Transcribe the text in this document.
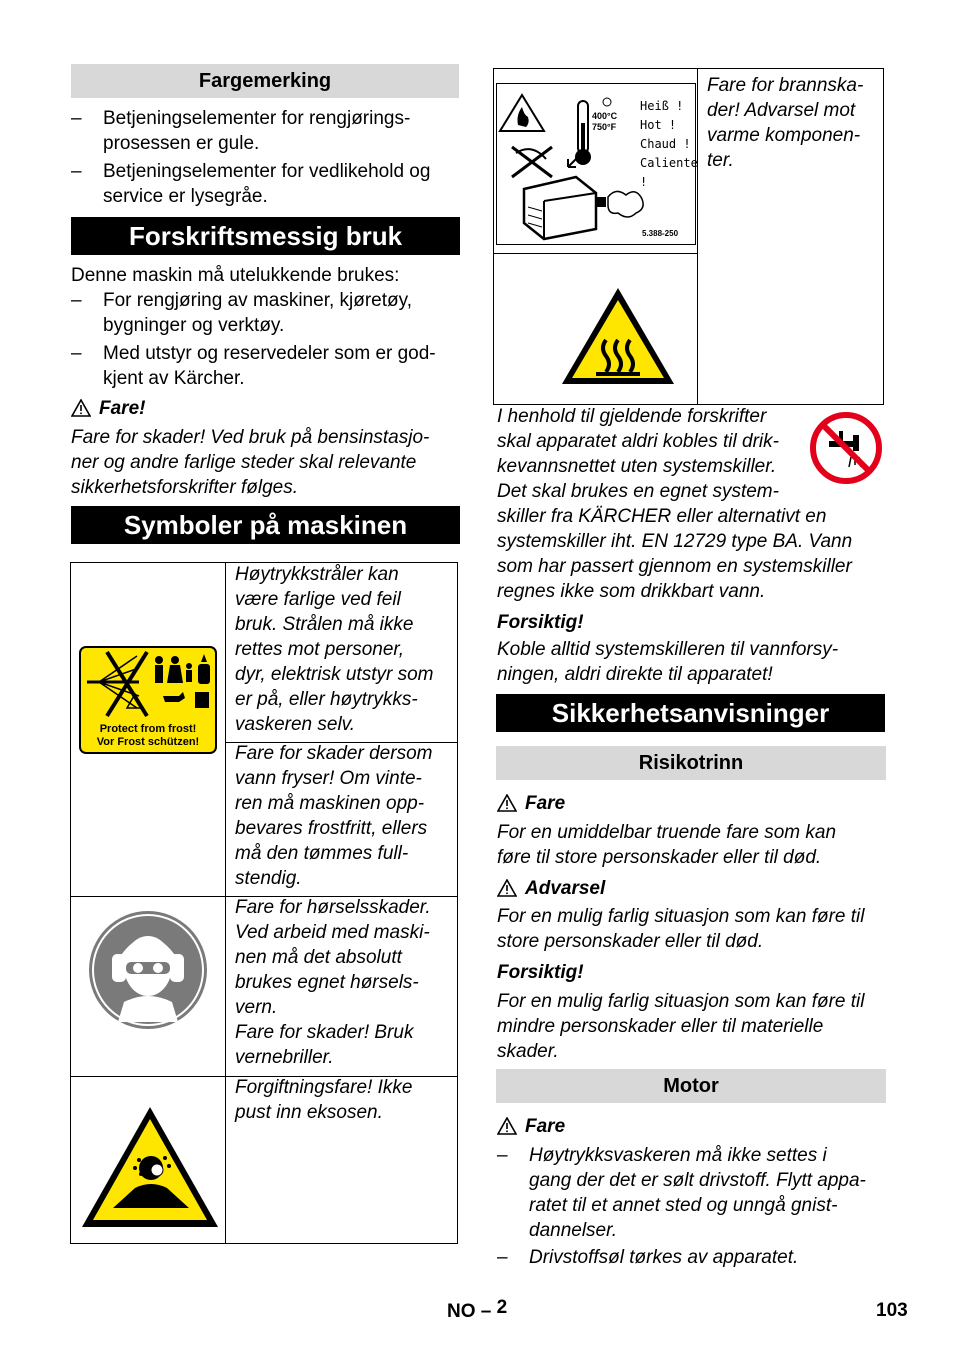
Fargemerking
– Betjeningselementer for rengjørings-
prosessen er gule.
– Betjeningselementer for vedlikehold og
service er lysegråe.
Forskriftsmessig bruk
Denne maskin må utelukkende brukes:
– For rengjøring av maskiner, kjøretøy,
bygninger og verktøy.
– Med utstyr og reservedeler som er god-
kjent av Kärcher.
Fare!
Fare for skader! Ved bruk på bensinstasjo-
ner og andre farlige steder skal relevante
sikkerhetsforskrifter følges.
Symboler på maskinen
Protect from frost!
Vor Frost schützen!
Høytrykkstråler kan
være farlige ved feil
bruk. Strålen må ikke
rettes mot personer,
dyr, elektrisk utstyr som
er på, eller høytrykks-
vaskeren selv.
Fare for skader dersom
vann fryser! Om vinte-
ren må maskinen opp-
bevares frostfritt, ellers
må den tømmes full-
stendig.
Fare for hørselsskader.
Ved arbeid med maski-
nen må det absolutt
brukes egnet hørsels-
vern.
Fare for skader! Bruk
vernebriller.
Forgiftningsfare! Ikke
pust inn eksosen.
400°C
750°F
Heiß !
Hot !
Chaud !
Caliente !
5.388-250
Fare for brannska-
der! Advarsel mot
varme komponen-
ter.
I henhold til gjeldende forskrifter
skal apparatet aldri kobles til drik-
kevannsnettet uten systemskiller.
Det skal brukes en egnet system-
skiller fra KÄRCHER eller alternativt en
systemskiller iht. EN 12729 type BA. Vann
som har passert gjennom en systemskiller
regnes ikke som drikkbart vann.
Forsiktig!
Koble alltid systemskilleren til vannforsy-
ningen, aldri direkte til apparatet!
Sikkerhetsanvisninger
Risikotrinn
Fare
For en umiddelbar truende fare som kan
føre til store personskader eller til død.
Advarsel
For en mulig farlig situasjon som kan føre til
store personskader eller til død.
Forsiktig!
For en mulig farlig situasjon som kan føre til
mindre personskader eller til materielle
skader.
Motor
Fare
– Høytrykksvaskeren må ikke settes i
gang der det er sølt drivstoff. Flytt appa-
ratet til et annet sted og unngå gnist-
dannelser.
– Drivstoffsøl tørkes av apparatet.
NO – 2	103
